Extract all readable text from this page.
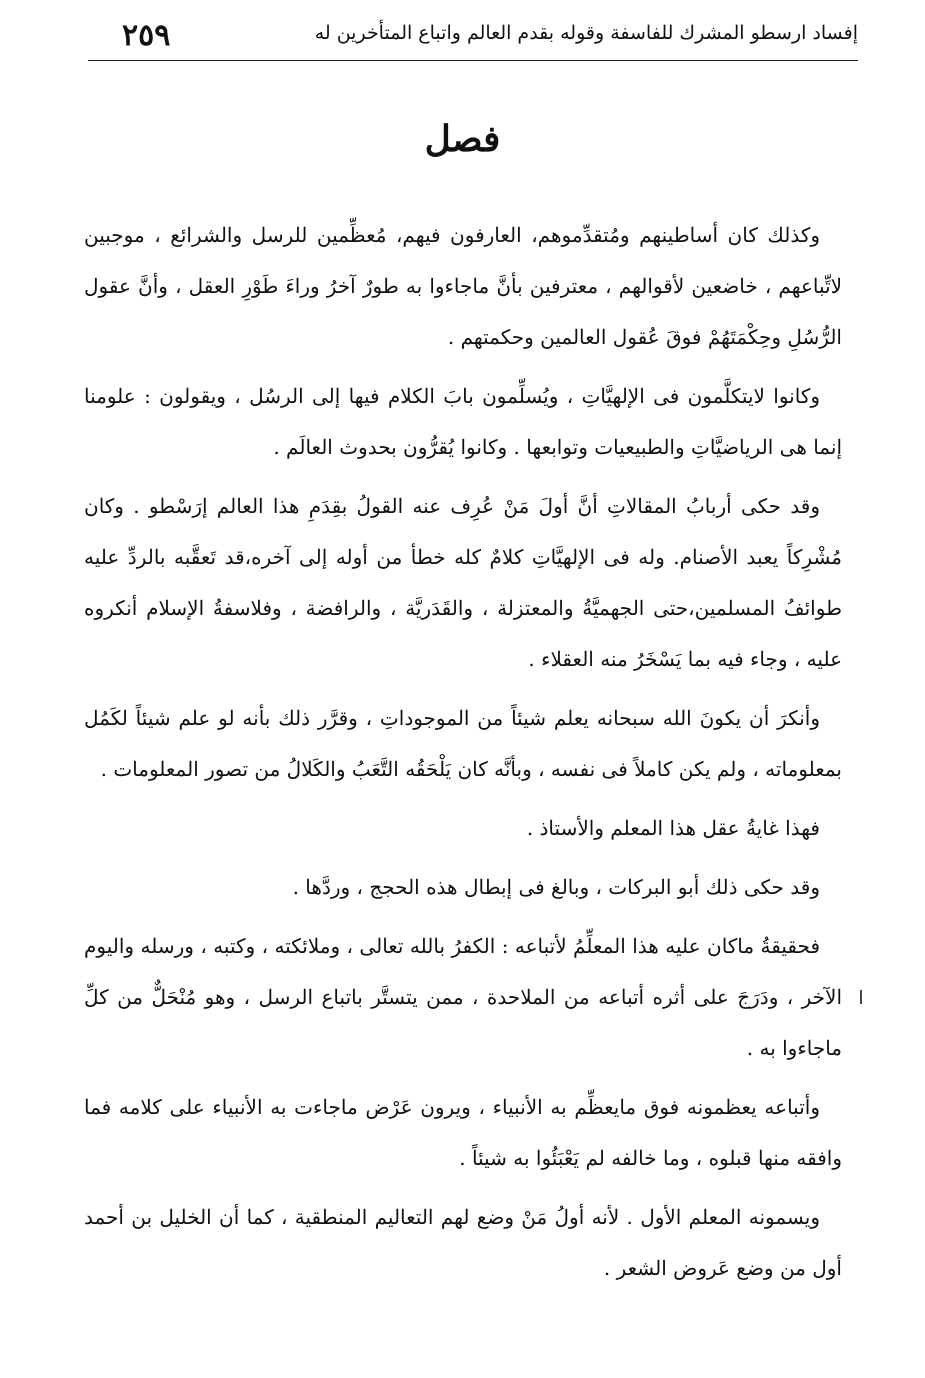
إفساد ارسطو المشرك للفاسفة وقوله بقدم العالم واتباع المتأخرين له
٢٥٩
فصل

وكذلك كان أساطينهم ومُتقدِّموهم، العارفون فيهم، مُعظِّمين للرسل والشرائع ، موجبين لاتِّباعهم ، خاضعين لأقوالهم ، معترفين بأنَّ ماجاءوا به طورٌ آخرُ وراءَ طَوْرِ العقل ، وأنَّ عقول الرُّسُلِ وحِكْمَتَهُمْ فوقَ عُقول العالمين وحكمتهم .

وكانوا لايتكلَّمون فى الإلهيَّاتِ ، ويُسلِّمون بابَ الكلام فيها إلى الرسُل ، ويقولون : علومنا إنما هى الرياضيَّاتِ والطبيعيات وتوابعها . وكانوا يُقرُّون بحدوث العالَم .

وقد حكى أربابُ المقالاتِ أنَّ أولَ مَنْ عُرِف عنه القولُ بقِدَمِ هذا العالم إرَسْطو . وكان مُشْرِكاً يعبد الأصنام. وله فى الإلهيَّاتِ كلامٌ كله خطأ من أوله إلى آخره،قد تَعقَّبه بالردِّ عليه طوائفُ المسلمين،حتى الجهميَّةُ والمعتزلة ، والقَدَريَّة ، والرافضة ، وفلاسفةُ الإسلام أنكروه عليه ، وجاء فيه بما يَسْخَرُ منه العقلاء .

وأنكرَ أن يكونَ الله سبحانه يعلم شيئاً من الموجوداتِ ، وقرَّر ذلك بأنه لو علم شيئاً لكَمُل بمعلوماته ، ولم يكن كاملاً فى نفسه ، وبأنَّه كان يَلْحَقُه التَّعَبُ والكَلالُ من تصور المعلومات .

فهذا غايةُ عقل هذا المعلم والأستاذ .

وقد حكى ذلك أبو البركات ، وبالغ فى إبطال هذه الحجج ، وردَّها .

فحقيقةُ ماكان عليه هذا المعلِّمُ لأتباعه : الكفرُ بالله تعالى ، وملائكته ، وكتبه ، ورسله واليوم الآخر ، ودَرَجَ على أثره أتباعه من الملاحدة ، ممن يتستَّر باتباع الرسل ، وهو مُنْحَلٌّ من كلِّ ماجاءوا به .

وأتباعه يعظمونه فوق مايعظِّم به الأنبياء ، ويرون عَرْض ماجاءت به الأنبياء على كلامه فما وافقه منها قبلوه ، وما خالفه لم يَعْبَئُوا به شيئاً .

ويسمونه المعلم الأول . لأنه أولُ مَنْ وضع لهم التعاليم المنطقية ، كما أن الخليل بن أحمد أول من وضع عَروض الشعر .
